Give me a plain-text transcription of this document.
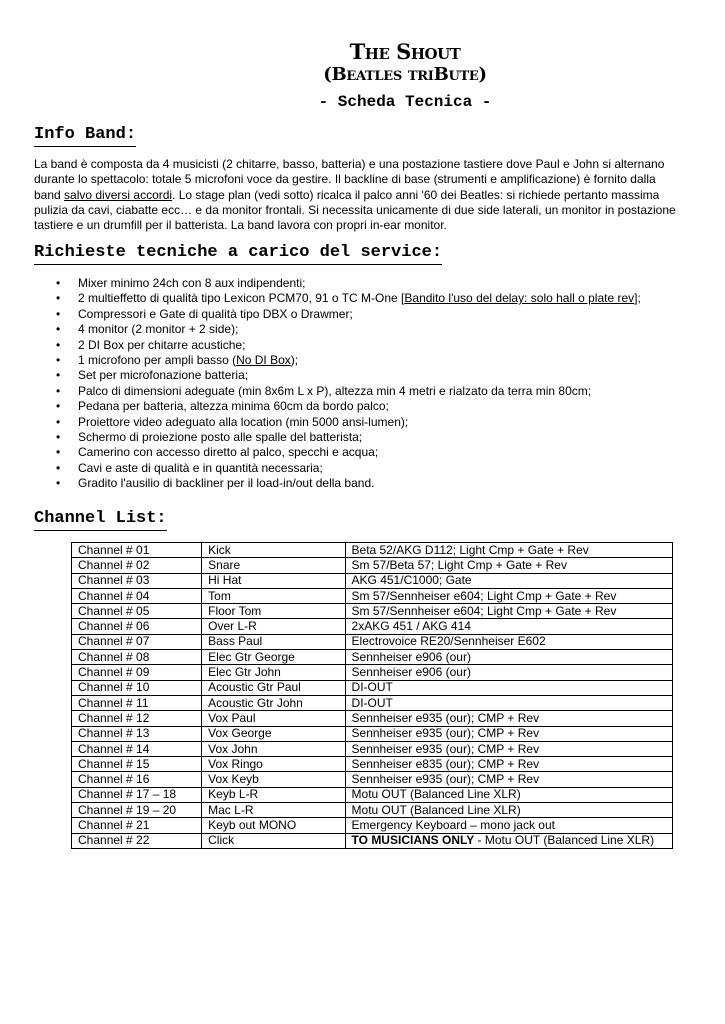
The Shout
(Beatles triBute)
- Scheda Tecnica -
Info Band:
La band è composta da 4 musicisti (2 chitarre, basso, batteria) e una postazione tastiere dove Paul e John si alternano durante lo spettacolo: totale 5 microfoni voce da gestire. Il backline di base (strumenti e amplificazione) è fornito dalla band salvo diversi accordi. Lo stage plan (vedi sotto) ricalca il palco anni '60 dei Beatles: si richiede pertanto massima pulizia da cavi, ciabatte ecc… e da monitor frontali. Si necessita unicamente di due side laterali, un monitor in postazione tastiere e un drumfill per il batterista. La band lavora con propri in-ear monitor.
Richieste tecniche a carico del service:
• Mixer minimo 24ch con 8 aux indipendenti;
• 2 multieffetto di qualità tipo Lexicon PCM70, 91 o TC M-One [Bandito l'uso del delay: solo hall o plate rev];
• Compressori e Gate di qualità tipo DBX o Drawmer;
• 4 monitor (2 monitor + 2 side);
• 2 DI Box per chitarre acustiche;
• 1 microfono per ampli basso (No DI Box);
• Set per microfonazione batteria;
• Palco di dimensioni adeguate (min 8x6m L x P), altezza min 4 metri e rialzato da terra min 80cm;
• Pedana per batteria, altezza minima 60cm da bordo palco;
• Proiettore video adeguato alla location (min 5000 ansi-lumen);
• Schermo di proiezione posto alle spalle del batterista;
• Camerino con accesso diretto al palco, specchi e acqua;
• Cavi e aste di qualità e in quantità necessaria;
• Gradito l'ausilio di backliner per il load-in/out della band.
Channel List:
Channel # 01	Kick	Beta 52/AKG D112; Light Cmp + Gate + Rev
Channel # 02	Snare	Sm 57/Beta 57; Light Cmp + Gate + Rev
Channel # 03	Hi Hat	AKG 451/C1000; Gate
Channel # 04	Tom	Sm 57/Sennheiser e604; Light Cmp + Gate + Rev
Channel # 05	Floor Tom	Sm 57/Sennheiser e604; Light Cmp + Gate + Rev
Channel # 06	Over L-R	2xAKG 451 / AKG 414
Channel # 07	Bass Paul	Electrovoice RE20/Sennheiser E602
Channel # 08	Elec Gtr George	Sennheiser e906 (our)
Channel # 09	Elec Gtr John	Sennheiser e906 (our)
Channel # 10	Acoustic Gtr Paul	DI-OUT
Channel # 11	Acoustic Gtr John	DI-OUT
Channel # 12	Vox Paul	Sennheiser e935 (our); CMP + Rev
Channel # 13	Vox George	Sennheiser e935 (our); CMP + Rev
Channel # 14	Vox John	Sennheiser e935 (our); CMP + Rev
Channel # 15	Vox Ringo	Sennheiser e835 (our); CMP + Rev
Channel # 16	Vox Keyb	Sennheiser e935 (our); CMP + Rev
Channel # 17 – 18	Keyb L-R	Motu OUT (Balanced Line XLR)
Channel # 19 – 20	Mac L-R	Motu OUT (Balanced Line XLR)
Channel # 21	Keyb out MONO	Emergency Keyboard – mono jack out
Channel # 22	Click	TO MUSICIANS ONLY - Motu OUT (Balanced Line XLR)
